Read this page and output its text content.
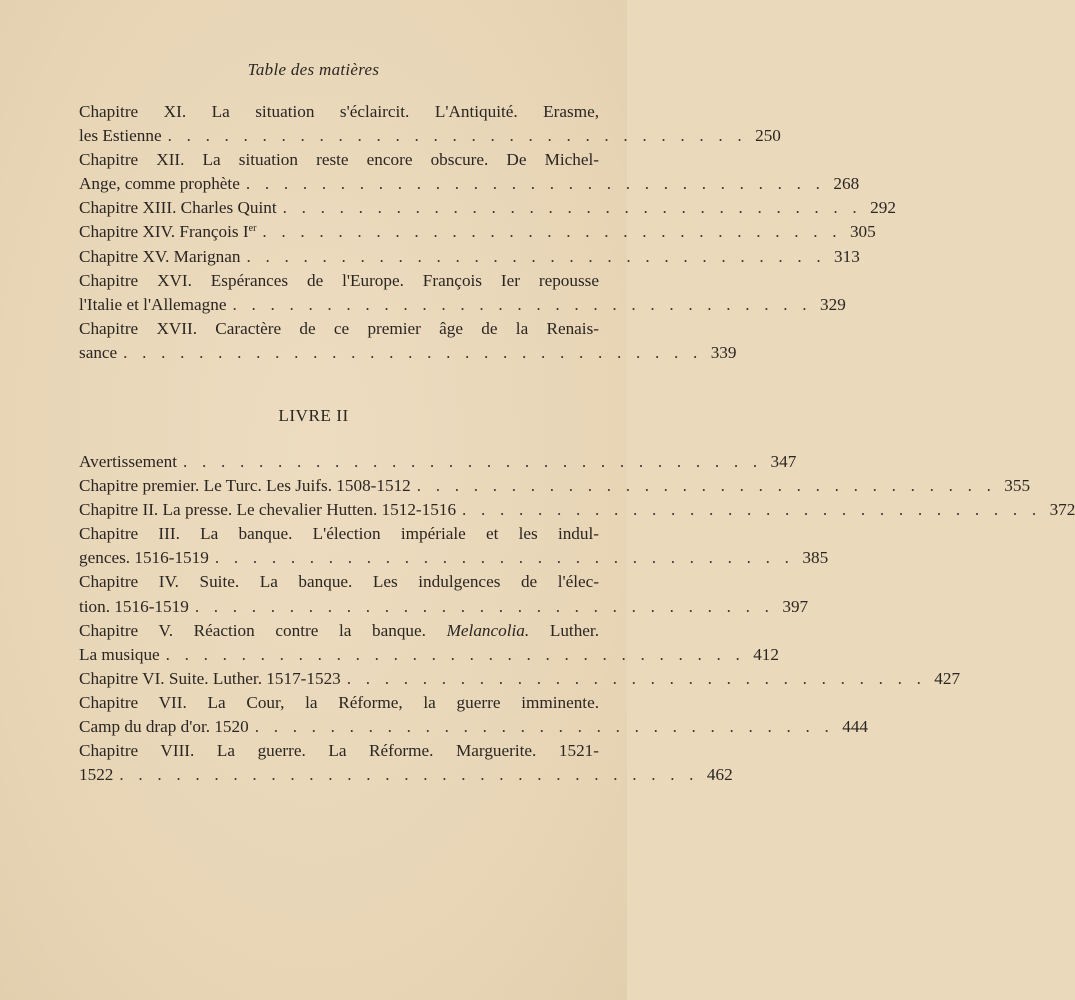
Table des matières
Chapitre XI. La situation s'éclaircit. L'Antiquité. Erasme,
les Estienne . . . . . . . . . . . . . . . . . . . . . . . . . . . . . . . 250
Chapitre XII. La situation reste encore obscure. De Michel-
Ange, comme prophète . . . . . . . . . . . . . . . . . . . . . . . . . . . . . . . 268
Chapitre XIII. Charles Quint . . . . . . . . . . . . . . . . . . . . . . . . . . . . . . . 292
Chapitre XIV. François Ier . . . . . . . . . . . . . . . . . . . . . . . . . . . . . . . 305
Chapitre XV. Marignan . . . . . . . . . . . . . . . . . . . . . . . . . . . . . . . 313
Chapitre XVI. Espérances de l'Europe. François Ier repousse
l'Italie et l'Allemagne . . . . . . . . . . . . . . . . . . . . . . . . . . . . . . . 329
Chapitre XVII. Caractère de ce premier âge de la Renais-
sance . . . . . . . . . . . . . . . . . . . . . . . . . . . . . . . 339
LIVRE II
Avertissement . . . . . . . . . . . . . . . . . . . . . . . . . . . . . . . 347
Chapitre premier. Le Turc. Les Juifs. 1508-1512 . . . . . . . . . . . . . . . . . . . . . . . . . . . . . . . 355
Chapitre II. La presse. Le chevalier Hutten. 1512-1516 . . . . . . . . . . . . . . . . . . . . . . . . . . . . . . . 372
Chapitre III. La banque. L'élection impériale et les indul-
gences. 1516-1519 . . . . . . . . . . . . . . . . . . . . . . . . . . . . . . . 385
Chapitre IV. Suite. La banque. Les indulgences de l'élec-
tion. 1516-1519 . . . . . . . . . . . . . . . . . . . . . . . . . . . . . . . 397
Chapitre V. Réaction contre la banque. Melancolia. Luther.
La musique . . . . . . . . . . . . . . . . . . . . . . . . . . . . . . . 412
Chapitre VI. Suite. Luther. 1517-1523 . . . . . . . . . . . . . . . . . . . . . . . . . . . . . . . 427
Chapitre VII. La Cour, la Réforme, la guerre imminente.
Camp du drap d'or. 1520 . . . . . . . . . . . . . . . . . . . . . . . . . . . . . . . 444
Chapitre VIII. La guerre. La Réforme. Marguerite. 1521-
1522 . . . . . . . . . . . . . . . . . . . . . . . . . . . . . . . 462
